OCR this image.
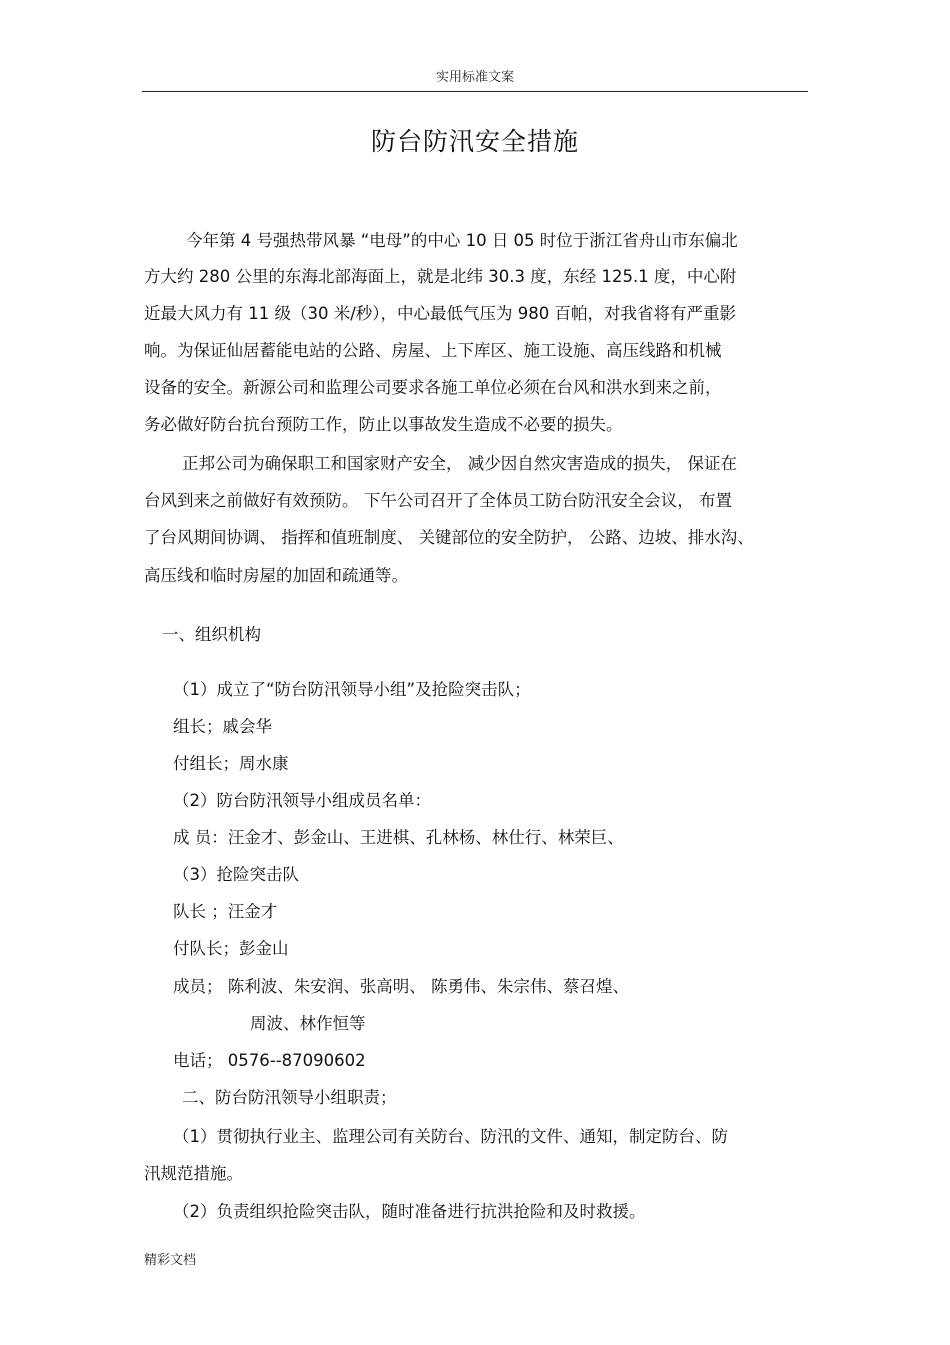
实用标准文案
防台防汛安全措施
今年第 4 号强热带风暴 “电母”的中心 10 日 05 时位于浙江省舟山市东偏北
方大约 280 公里的东海北部海面上，就是北纬 30.3 度，东经 125.1 度，中心附
近最大风力有 11 级（30 米/秒），中心最低气压为 980 百帕，对我省将有严重影
响。为保证仙居蓄能电站的公路、房屋、上下库区、施工设施、高压线路和机械
设备的安全。新源公司和监理公司要求各施工单位必须在台风和洪水到来之前，
务必做好防台抗台预防工作，防止以事故发生造成不必要的损失。
正邦公司为确保职工和国家财产安全， 减少因自然灾害造成的损失， 保证在
台风到来之前做好有效预防。 下午公司召开了全体员工防台防汛安全会议， 布置
了台风期间协调、 指挥和值班制度、 关键部位的安全防护， 公路、边坡、排水沟、
高压线和临时房屋的加固和疏通等。
一、组织机构
（1）成立了“防台防汛领导小组”及抢险突击队；
组长；戚会华
付组长；周水康
（2）防台防汛领导小组成员名单：
成 员：汪金才、彭金山、王进棋、孔林杨、林仕行、林荣巨、
（3）抢险突击队
队长 ；汪金才
付队长；彭金山
成员； 陈利波、朱安润、张高明、 陈勇伟、朱宗伟、蔡召煌、
周波、林作恒等
电话； 0576--87090602
二、防台防汛领导小组职责；
（1）贯彻执行业主、监理公司有关防台、防汛的文件、通知，制定防台、防
汛规范措施。
（2）负责组织抢险突击队，随时准备进行抗洪抢险和及时救援。
精彩文档
